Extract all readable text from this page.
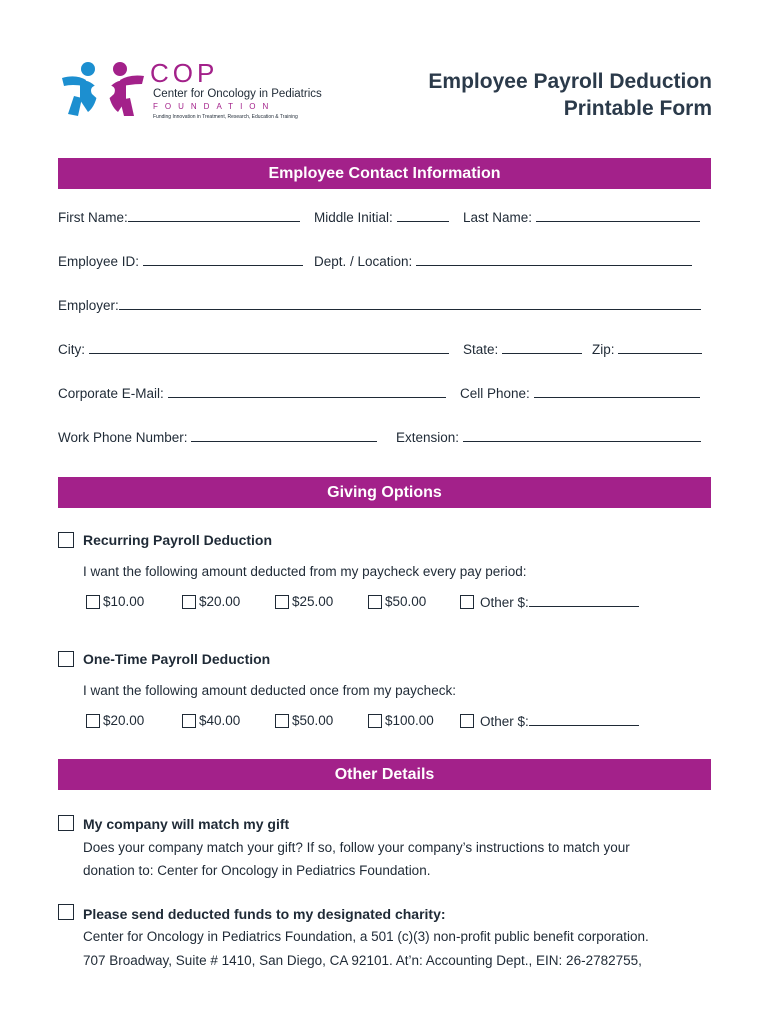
COP
Center for Oncology in Pediatrics
FOUNDATION
Funding Innovation in Treatment, Research, Education & Training
Employee Payroll Deduction
Printable Form
Employee Contact Information
First Name:	Middle Initial:	Last Name:
Employee ID:	Dept. / Location:
Employer:
City:	State:	Zip:
Corporate E-Mail:	Cell Phone:
Work Phone Number:	Extension:
Giving Options
Recurring Payroll Deduction
I want the following amount deducted from my paycheck every pay period:
$10.00	$20.00	$25.00	$50.00	Other $:
One-Time Payroll Deduction
I want the following amount deducted once from my paycheck:
$20.00	$40.00	$50.00	$100.00	Other $:
Other Details
My company will match my gift
Does your company match your gift? If so, follow your company’s instructions to match your
donation to: Center for Oncology in Pediatrics Foundation.
Please send deducted funds to my designated charity:
Center for Oncology in Pediatrics Foundation, a 501 (c)(3) non-profit public benefit corporation.
707 Broadway, Suite # 1410, San Diego, CA 92101. At’n: Accounting Dept., EIN: 26-2782755,
